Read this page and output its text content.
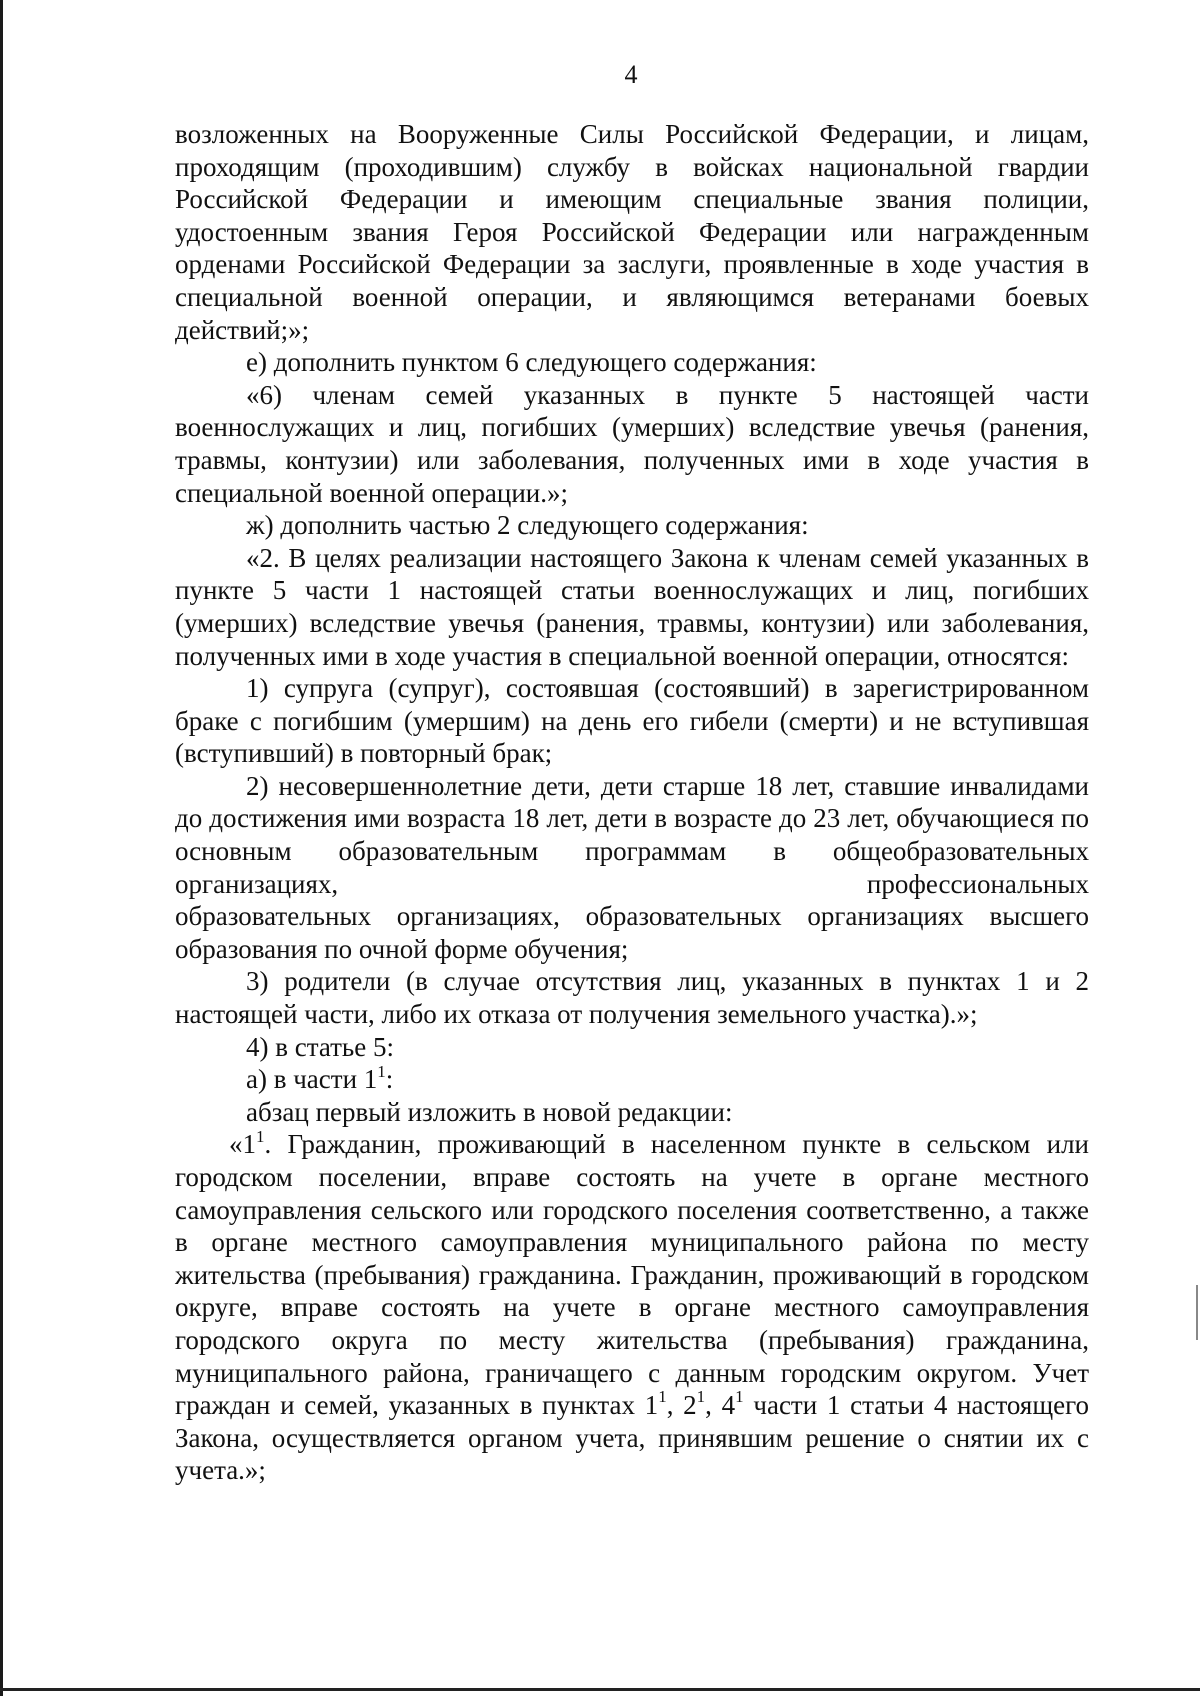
4

возложенных на Вооруженные Силы Российской Федерации, и лицам, проходящим (проходившим) службу в войсках национальной гвардии Российской Федерации и имеющим специальные звания полиции, удостоенным звания Героя Российской Федерации или награжденным орденами Российской Федерации за заслуги, проявленные в ходе участия в специальной военной операции, и являющимся ветеранами боевых действий;»;

е) дополнить пунктом 6 следующего содержания:

«6) членам семей указанных в пункте 5 настоящей части военнослужащих и лиц, погибших (умерших) вследствие увечья (ранения, травмы, контузии) или заболевания, полученных ими в ходе участия в специальной военной операции.»;

ж) дополнить частью 2 следующего содержания:

«2. В целях реализации настоящего Закона к членам семей указанных в пункте 5 части 1 настоящей статьи военнослужащих и лиц, погибших (умерших) вследствие увечья (ранения, травмы, контузии) или заболевания, полученных ими в ходе участия в специальной военной операции, относятся:

1) супруга (супруг), состоявшая (состоявший) в зарегистрированном браке с погибшим (умершим) на день его гибели (смерти) и не вступившая (вступивший) в повторный брак;

2) несовершеннолетние дети, дети старше 18 лет, ставшие инвалидами до достижения ими возраста 18 лет, дети в возрасте до 23 лет, обучающиеся по основным образовательным программам в общеобразовательных организациях, профессиональных
образовательных организациях, образовательных организациях высшего образования по очной форме обучения;

3) родители (в случае отсутствия лиц, указанных в пунктах 1 и 2 настоящей части, либо их отказа от получения земельного участка).»;

4) в статье 5:

а) в части $1^1$:

абзац первый изложить в новой редакции:

«$1^1$. Гражданин, проживающий в населенном пункте в сельском или городском поселении, вправе состоять на учете в органе местного самоуправления сельского или городского поселения соответственно, а также в органе местного самоуправления муниципального района по месту жительства (пребывания) гражданина. Гражданин, проживающий в городском округе, вправе состоять на учете в органе местного самоуправления городского округа по месту жительства (пребывания) гражданина, муниципального района, граничащего с данным городским округом. Учет граждан и семей, указанных в пунктах $1^1$, $2^1$, $4^1$ части 1 статьи 4 настоящего Закона, осуществляется органом учета, принявшим решение о снятии их с учета.»;
